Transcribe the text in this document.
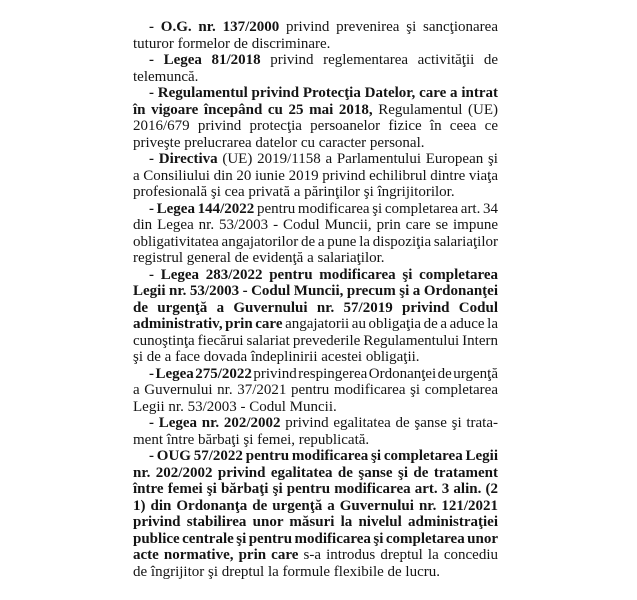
- O.G. nr. 137/2000 privind prevenirea şi sancţionarea
tuturor formelor de discriminare.
- Legea 81/2018 privind reglementarea activităţii de
telemuncă.
- Regulamentul privind Protecţia Datelor, care a intrat
în vigoare începând cu 25 mai 2018, Regulamentul (UE)
2016/679 privind protecţia persoanelor fizice în ceea ce
priveşte prelucrarea datelor cu caracter personal.
- Directiva (UE) 2019/1158 a Parlamentului European şi
a Consiliului din 20 iunie 2019 privind echilibrul dintre viaţa
profesională şi cea privată a părinţilor şi îngrijitorilor.
- Legea 144/2022 pentru modificarea şi completarea art. 34
din Legea nr. 53/2003 - Codul Muncii, prin care se impune
obligativitatea angajatorilor de a pune la dispoziţia salariaţilor
registrul general de evidenţă a salariaţilor.
- Legea 283/2022 pentru modificarea şi completarea
Legii nr. 53/2003 - Codul Muncii, precum şi a Ordonanţei
de urgenţă a Guvernului nr. 57/2019 privind Codul
administrativ, prin care angajatorii au obligaţia de a aduce la
cunoştinţa fiecărui salariat prevederile Regulamentului Intern
şi de a face dovada îndeplinirii acestei obligaţii.
- Legea 275/2022 privind respingerea Ordonanţei de urgenţă
a Guvernului nr. 37/2021 pentru modificarea şi completarea
Legii nr. 53/2003 - Codul Muncii.
- Legea nr. 202/2002 privind egalitatea de şanse şi trata-
ment între bărbaţi şi femei, republicată.
- OUG 57/2022 pentru modificarea şi completarea Legii
nr. 202/2002 privind egalitatea de şanse şi de tratament
între femei şi bărbaţi şi pentru modificarea art. 3 alin. (2
1) din Ordonanţa de urgenţă a Guvernului nr. 121/2021
privind stabilirea unor măsuri la nivelul administraţiei
publice centrale şi pentru modificarea şi completarea unor
acte normative, prin care s-a introdus dreptul la concediu
de îngrijitor şi dreptul la formule flexibile de lucru.
